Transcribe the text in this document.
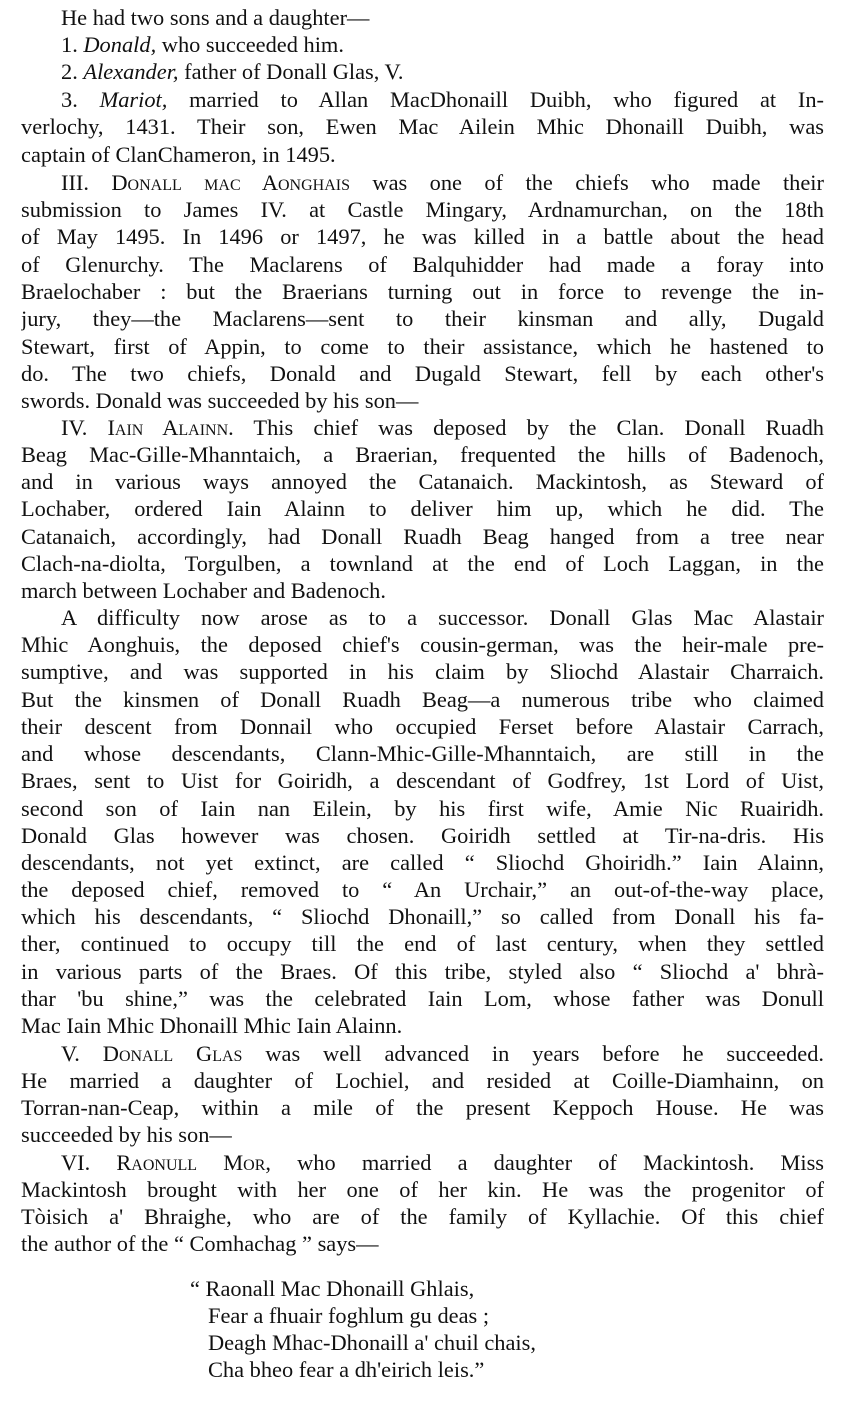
He had two sons and a daughter—
1. Donald, who succeeded him.
2. Alexander, father of Donall Glas, V.
3. Mariot, married to Allan MacDhonaill Duibh, who figured at In-
verlochy, 1431. Their son, Ewen Mac Ailein Mhic Dhonaill Duibh, was
captain of ClanChameron, in 1495.
III. Donall mac Aonghais was one of the chiefs who made their
submission to James IV. at Castle Mingary, Ardnamurchan, on the 18th
of May 1495. In 1496 or 1497, he was killed in a battle about the head
of Glenurchy. The Maclarens of Balquhidder had made a foray into
Braelochaber : but the Braerians turning out in force to revenge the in-
jury, they—the Maclarens—sent to their kinsman and ally, Dugald
Stewart, first of Appin, to come to their assistance, which he hastened to
do. The two chiefs, Donald and Dugald Stewart, fell by each other's
swords. Donald was succeeded by his son—
IV. Iain Alainn. This chief was deposed by the Clan. Donall Ruadh
Beag Mac-Gille-Mhanntaich, a Braerian, frequented the hills of Badenoch,
and in various ways annoyed the Catanaich. Mackintosh, as Steward of
Lochaber, ordered Iain Alainn to deliver him up, which he did. The
Catanaich, accordingly, had Donall Ruadh Beag hanged from a tree near
Clach-na-diolta, Torgulben, a townland at the end of Loch Laggan, in the
march between Lochaber and Badenoch.
A difficulty now arose as to a successor. Donall Glas Mac Alastair
Mhic Aonghuis, the deposed chief's cousin-german, was the heir-male pre-
sumptive, and was supported in his claim by Sliochd Alastair Charraich.
But the kinsmen of Donall Ruadh Beag—a numerous tribe who claimed
their descent from Donnail who occupied Ferset before Alastair Carrach,
and whose descendants, Clann-Mhic-Gille-Mhanntaich, are still in the
Braes, sent to Uist for Goiridh, a descendant of Godfrey, 1st Lord of Uist,
second son of Iain nan Eilein, by his first wife, Amie Nic Ruairidh.
Donald Glas however was chosen. Goiridh settled at Tir-na-dris. His
descendants, not yet extinct, are called “ Sliochd Ghoiridh.” Iain Alainn,
the deposed chief, removed to “ An Urchair,” an out-of-the-way place,
which his descendants, “ Sliochd Dhonaill,” so called from Donall his fa-
ther, continued to occupy till the end of last century, when they settled
in various parts of the Braes. Of this tribe, styled also “ Sliochd a' bhrà-
thar 'bu shine,” was the celebrated Iain Lom, whose father was Donull
Mac Iain Mhic Dhonaill Mhic Iain Alainn.
V. Donall Glas was well advanced in years before he succeeded.
He married a daughter of Lochiel, and resided at Coille-Diamhainn, on
Torran-nan-Ceap, within a mile of the present Keppoch House. He was
succeeded by his son—
VI. Raonull Mor, who married a daughter of Mackintosh. Miss
Mackintosh brought with her one of her kin. He was the progenitor of
Tòisich a' Bhraighe, who are of the family of Kyllachie. Of this chief
the author of the “ Comhachag ” says—
“ Raonall Mac Dhonaill Ghlais,
Fear a fhuair foghlum gu deas ;
Deagh Mhac-Dhonaill a' chuil chais,
Cha bheo fear a dh'eirich leis.”
